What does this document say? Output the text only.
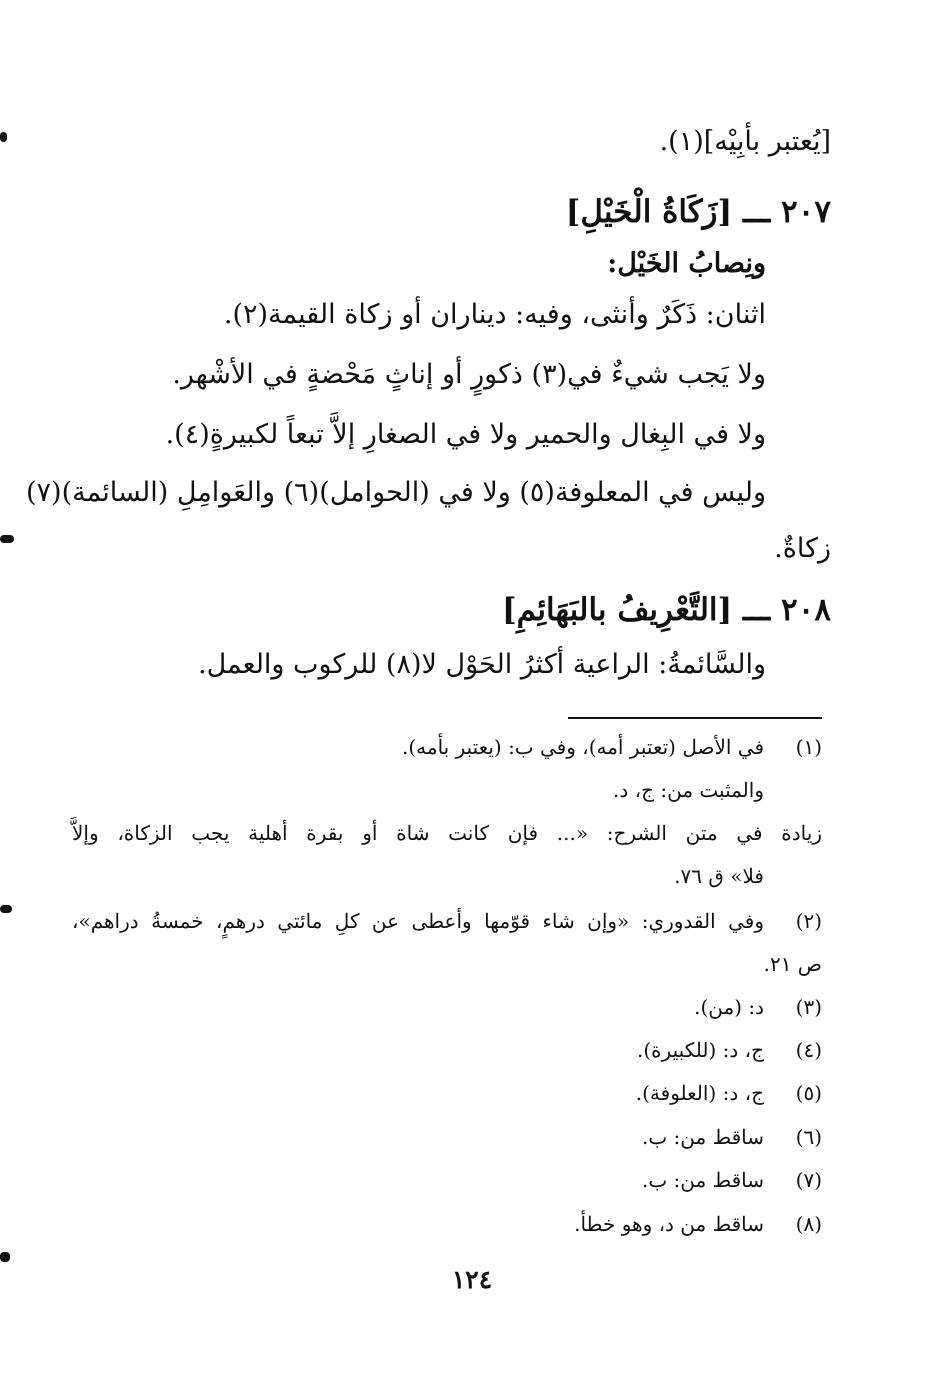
[يُعتبر بأبِيْه](١).
٢٠٧ ـــ [زَكَاةُ الْخَيْلِ]
ونِصابُ الخَيْل:
اثنان: ذَكَرٌ وأنثى، وفيه: ديناران أو زكاة القيمة(٢).
ولا يَجب شيءٌ في(٣) ذكورٍ أو إناثٍ مَحْضةٍ في الأشْهر.
ولا في البِغال والحمير ولا في الصغارِ إلاَّ تبعاً لكبيرةٍ(٤).
وليس في المعلوفة(٥) ولا في (الحوامل)(٦) والعَوامِلِ (السائمة)(٧)
زكاةٌ.
٢٠٨ ـــ [التَّعْرِيفُ بالبَهَائِمِ]
والسَّائمةُ: الراعية أكثرُ الحَوْل لا(٨) للركوب والعمل.
(١)
في الأصل (تعتبر أمه)، وفي ب: (يعتبر بأمه).
والمثبت من: ج، د.
زيادة في متن الشرح: «... فإن كانت شاة أو بقرة أهلية يجب الزكاة، وإلاَّ
فلا» ق ٧٦.
(٢)
وفي القدوري: «وإن شاء قوّمها وأعطى عن كلِ مائتي درهمٍ، خمسةُ دراهم»،
ص ٢١.
(٣)
د: (من).
(٤)
ج، د: (للكبيرة).
(٥)
ج، د: (العلوفة).
(٦)
ساقط من: ب.
(٧)
ساقط من: ب.
(٨)
ساقط من د، وهو خطأ.
١٢٤
